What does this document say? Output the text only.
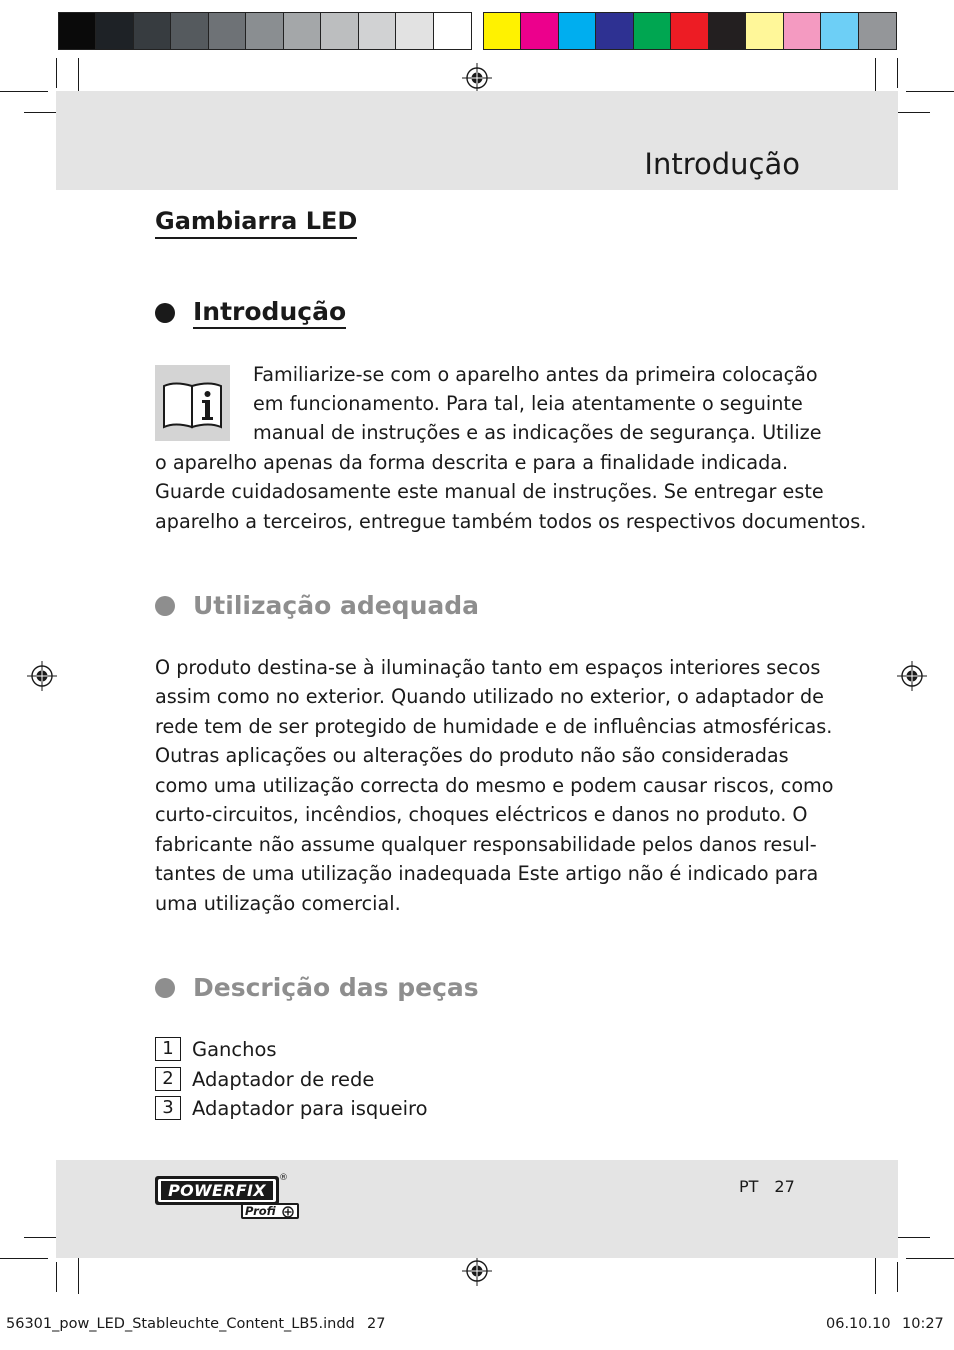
Introdução
Gambiarra LED
Introdução
Familiarize-se com o aparelho antes da primeira colocação
em funcionamento. Para tal, leia atentamente o seguinte
manual de instruções e as indicações de segurança. Utilize
o aparelho apenas da forma descrita e para a finalidade indicada.
Guarde cuidadosamente este manual de instruções. Se entregar este
aparelho a terceiros, entregue também todos os respectivos documentos.
Utilização adequada
O produto destina-se à iluminação tanto em espaços interiores secos
assim como no exterior. Quando utilizado no exterior, o adaptador de
rede tem de ser protegido de humidade e de influências atmosféricas.
Outras aplicações ou alterações do produto não são consideradas
como uma utilização correcta do mesmo e podem causar riscos, como
curto-circuitos, incêndios, choques eléctricos e danos no produto. O
fabricante não assume qualquer responsabilidade pelos danos resul-
tantes de uma utilização inadequada Este artigo não é indicado para
uma utilização comercial.
Descrição das peças
1 Ganchos
2 Adaptador de rede
3 Adaptador para isqueiro
POWERFIX
®
Profi
PT 27
56301_pow_LED_Stableuchte_Content_LB5.indd 27	06.10.10 10:27
